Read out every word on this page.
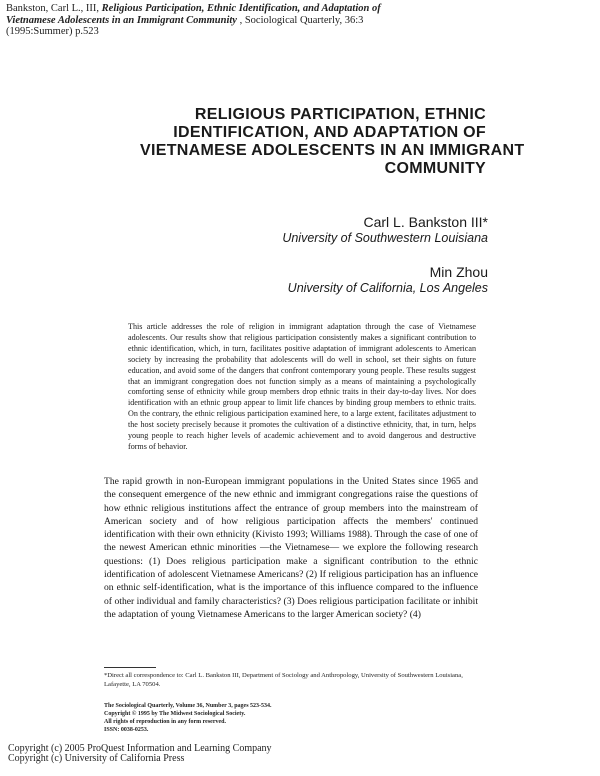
Bankston, Carl L., III, Religious Participation, Ethnic Identification, and Adaptation of
Vietnamese Adolescents in an Immigrant Community , Sociological Quarterly, 36:3
(1995:Summer) p.523
RELIGIOUS PARTICIPATION, ETHNIC
IDENTIFICATION, AND ADAPTATION OF
VIETNAMESE ADOLESCENTS IN AN IMMIGRANT
COMMUNITY
Carl L. Bankston III*
University of Southwestern Louisiana
Min Zhou
University of California, Los Angeles
This article addresses the role of religion in immigrant adaptation through the case of Vietnamese adolescents. Our results show that religious participation consistently makes a significant contribution to ethnic identification, which, in turn, facilitates positive adaptation of immigrant adolescents to American society by increasing the probability that adolescents will do well in school, set their sights on future education, and avoid some of the dangers that confront contemporary young people. These results suggest that an immigrant congregation does not function simply as a means of maintaining a psychologically comforting sense of ethnicity while group members drop ethnic traits in their day-to-day lives. Nor does identification with an ethnic group appear to limit life chances by binding group members to ethnic traits. On the contrary, the ethnic religious participation examined here, to a large extent, facilitates adjustment to the host society precisely because it promotes the cultivation of a distinctive ethnicity, that, in turn, helps young people to reach higher levels of academic achievement and to avoid dangerous and destructive forms of behavior.
The rapid growth in non-European immigrant populations in the United States since 1965 and the consequent emergence of the new ethnic and immigrant congregations raise the questions of how ethnic religious institutions affect the entrance of group members into the mainstream of American society and of how religious participation affects the members' continued identification with their own ethnicity (Kivisto 1993; Williams 1988). Through the case of one of the newest American ethnic minorities —the Vietnamese— we explore the following research questions: (1) Does religious participation make a significant contribution to the ethnic identification of adolescent Vietnamese Americans? (2) If religious participation has an influence on ethnic self-identification, what is the importance of this influence compared to the influence of other individual and family characteristics? (3) Does religious participation facilitate or inhibit the adaptation of young Vietnamese Americans to the larger American society? (4)
*Direct all correspondence to: Carl L. Bankston III, Department of Sociology and Anthropology, University of Southwestern Louisiana, Lafayette, LA 70504.
The Sociological Quarterly, Volume 36, Number 3, pages 523-534.
Copyright © 1995 by The Midwest Sociological Society.
All rights of reproduction in any form reserved.
ISSN: 0038-0253.
Copyright (c) 2005 ProQuest Information and Learning Company
Copyright (c) University of California Press
